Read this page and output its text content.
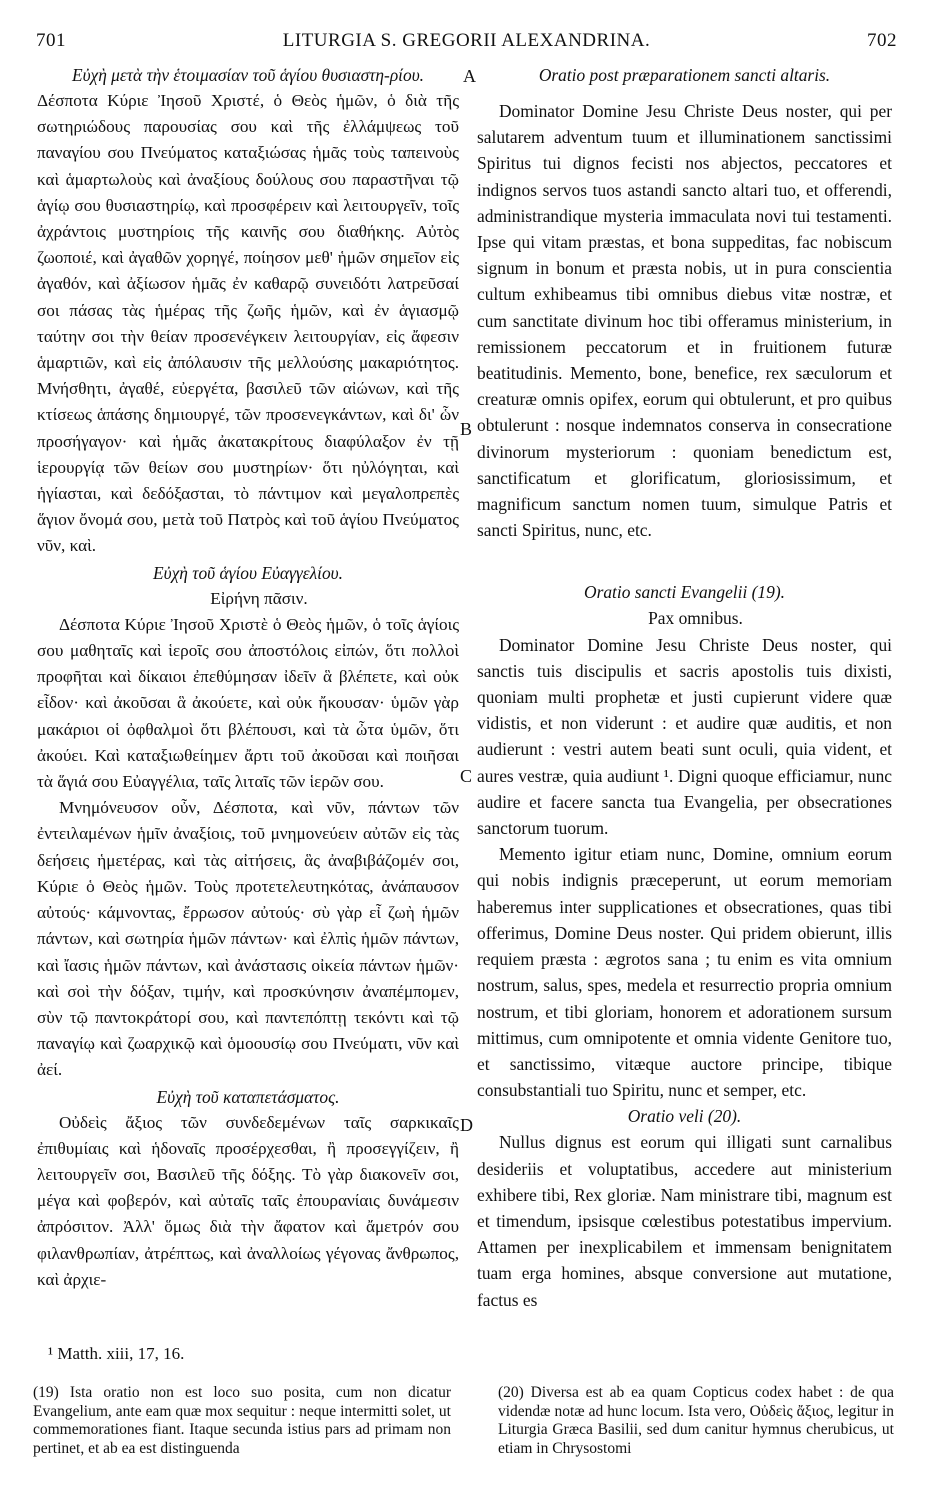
701	LITURGIA S. GREGORII ALEXANDRINA.	702
Εὐχὴ μετὰ τὴν ἑτοιμασίαν τοῦ ἁγίου θυσιαστη-ρίου.

Δέσποτα Κύριε Ἰησοῦ Χριστέ, ὁ Θεὸς ἡμῶν, ὁ διὰ τῆς σωτηριώδους παρουσίας σου καὶ τῆς ἐλλάμψεως τοῦ παναγίου σου Πνεύματος καταξιώσας ἡμᾶς τοὺς ταπεινοὺς καὶ ἁμαρτωλοὺς καὶ ἀναξίους δούλους σου παραστῆναι τῷ ἁγίῳ σου θυσιαστηρίῳ, καὶ προσφέρειν καὶ λειτουργεῖν, τοῖς ἀχράντοις μυστηρίοις τῆς καινῆς σου διαθήκης. Αὐτὸς ζωοποιέ, καὶ ἀγαθῶν χορηγέ, ποίησον μεθ' ἡμῶν σημεῖον εἰς ἀγαθόν, καὶ ἀξίωσον ἡμᾶς ἐν καθαρῷ συνειδότι λατρεῦσαί σοι πάσας τὰς ἡμέρας τῆς ζωῆς ἡμῶν, καὶ ἐν ἁγιασμῷ ταύτην σοι τὴν θείαν προσενέγκειν λειτουργίαν, εἰς ἄφεσιν ἁμαρτιῶν, καὶ εἰς ἀπόλαυσιν τῆς μελλούσης μακαριότητος. Μνήσθητι, ἀγαθέ, εὐεργέτα, βασιλεῦ τῶν αἰώνων, καὶ τῆς κτίσεως ἁπάσης δημιουργέ, τῶν προσενεγκάντων, καὶ δι' ὧν προσήγαγον· καὶ ἡμᾶς ἀκατακρίτους διαφύλαξον ἐν τῇ ἱερουργίᾳ τῶν θείων σου μυστηρίων· ὅτι ηὐλόγηται, καὶ ἡγίασται, καὶ δεδόξασται, τὸ πάντιμον καὶ μεγαλοπρεπὲς ἅγιον ὄνομά σου, μετὰ τοῦ Πατρὸς καὶ τοῦ ἁγίου Πνεύματος νῦν, καὶ.

Εὐχὴ τοῦ ἁγίου Εὐαγγελίου.

Εἰρήνη πᾶσιν.

Δέσποτα Κύριε Ἰησοῦ Χριστὲ ὁ Θεὸς ἡμῶν, ὁ τοῖς ἁγίοις σου μαθηταῖς καὶ ἱεροῖς σου ἀποστόλοις εἰπών, ὅτι πολλοὶ προφῆται καὶ δίκαιοι ἐπεθύμησαν ἰδεῖν ἃ βλέπετε, καὶ οὐκ εἶδον· καὶ ἀκοῦσαι ἃ ἀκούετε, καὶ οὐκ ἤκουσαν· ὑμῶν γὰρ μακάριοι οἱ ὀφθαλμοὶ ὅτι βλέπουσι, καὶ τὰ ὦτα ὑμῶν, ὅτι ἀκούει. Καὶ καταξιωθείημεν ἄρτι τοῦ ἀκοῦσαι καὶ ποιῆσαι τὰ ἅγιά σου Εὐαγγέλια, ταῖς λιταῖς τῶν ἱερῶν σου.

Μνημόνευσον οὖν, Δέσποτα, καὶ νῦν, πάντων τῶν ἐντειλαμένων ἡμῖν ἀναξίοις, τοῦ μνημονεύειν αὐτῶν εἰς τὰς δεήσεις ἡμετέρας, καὶ τὰς αἰτήσεις, ἃς ἀναβιβάζομέν σοι, Κύριε ὁ Θεὸς ἡμῶν. Τοὺς προτετελευτηκότας, ἀνάπαυσον αὐτούς· κάμνοντας, ἔρρωσον αὐτούς· σὺ γὰρ εἶ ζωὴ ἡμῶν πάντων, καὶ σωτηρία ἡμῶν πάντων· καὶ ἐλπὶς ἡμῶν πάντων, καὶ ἴασις ἡμῶν πάντων, καὶ ἀνάστασις οἰκεία πάντων ἡμῶν· καὶ σοὶ τὴν δόξαν, τιμήν, καὶ προσκύνησιν ἀναπέμπομεν, σὺν τῷ παντοκράτορί σου, καὶ παντεπόπτῃ τεκόντι καὶ τῷ παναγίῳ καὶ ζωαρχικῷ καὶ ὁμοουσίῳ σου Πνεύματι, νῦν καὶ ἀεί.

Εὐχὴ τοῦ καταπετάσματος.

Οὐδεὶς ἄξιος τῶν συνδεδεμένων ταῖς σαρκικαῖς ἐπιθυμίαις καὶ ἡδοναῖς προσέρχεσθαι, ἢ προσεγγίζειν, ἢ λειτουργεῖν σοι, Βασιλεῦ τῆς δόξης. Τὸ γὰρ διακονεῖν σοι, μέγα καὶ φοβερόν, καὶ αὐταῖς ταῖς ἐπουρανίαις δυνάμεσιν ἀπρόσιτον. Ἀλλ' ὅμως διὰ τὴν ἄφατον καὶ ἄμετρόν σου φιλανθρωπίαν, ἀτρέπτως, καὶ ἀναλλοίως γέγονας ἄνθρωπος, καὶ ἀρχιε-

Oratio post præparationem sancti altaris.

Dominator Domine Jesu Christe Deus noster, qui per salutarem adventum tuum et illuminationem sanctissimi Spiritus tui dignos fecisti nos abjectos, peccatores et indignos servos tuos astandi sancto altari tuo, et offerendi, administrandique mysteria immaculata novi tui testamenti. Ipse qui vitam præstas, et bona suppeditas, fac nobiscum signum in bonum et præsta nobis, ut in pura conscientia cultum exhibeamus tibi omnibus diebus vitæ nostræ, et cum sanctitate divinum hoc tibi offeramus ministerium, in remissionem peccatorum et in fruitionem futuræ beatitudinis. Memento, bone, benefice, rex sæculorum et creaturæ omnis opifex, eorum qui obtulerunt, et pro quibus obtulerunt : nosque indemnatos conserva in consecratione divinorum mysteriorum : quoniam benedictum est, sanctificatum et glorificatum, gloriosissimum, et magnificum sanctum nomen tuum, simulque Patris et sancti Spiritus, nunc, etc.

Oratio sancti Evangelii (19).

Pax omnibus.

Dominator Domine Jesu Christe Deus noster, qui sanctis tuis discipulis et sacris apostolis tuis dixisti, quoniam multi prophetæ et justi cupierunt videre quæ vidistis, et non viderunt : et audire quæ auditis, et non audierunt : vestri autem beati sunt oculi, quia vident, et aures vestræ, quia audiunt ¹. Digni quoque efficiamur, nunc audire et facere sancta tua Evangelia, per obsecrationes sanctorum tuorum.

Memento igitur etiam nunc, Domine, omnium eorum qui nobis indignis præceperunt, ut eorum memoriam haberemus inter supplicationes et obsecrationes, quas tibi offerimus, Domine Deus noster. Qui pridem obierunt, illis requiem præsta : ægrotos sana ; tu enim es vita omnium nostrum, salus, spes, medela et resurrectio propria omnium nostrum, et tibi gloriam, honorem et adorationem sursum mittimus, cum omnipotente et omnia vidente Genitore tuo, et sanctissimo, vitæque auctore principe, tibique consubstantiali tuo Spiritu, nunc et semper, etc.

Oratio veli (20).

Nullus dignus est eorum qui illigati sunt carnalibus desideriis et voluptatibus, accedere aut ministerium exhibere tibi, Rex gloriæ. Nam ministrare tibi, magnum est et timendum, ipsisque cœlestibus potestatibus impervium. Attamen per inexplicabilem et immensam benignitatem tuam erga homines, absque conversione aut mutatione, factus es

A
B
C
D
¹ Matth. xiii, 17, 16.
(19) Ista oratio non est loco suo posita, cum non dicatur Evangelium, ante eam quæ mox sequitur : neque intermitti solet, ut commemorationes fiant. Itaque secunda istius pars ad primam non pertinet, et ab ea est distinguenda
(20) Diversa est ab ea quam Copticus codex habet : de qua videndæ notæ ad hunc locum. Ista vero, Οὐδεὶς ἄξιος, legitur in Liturgia Græca Basilii, sed dum canitur hymnus cherubicus, ut etiam in Chrysostomi
